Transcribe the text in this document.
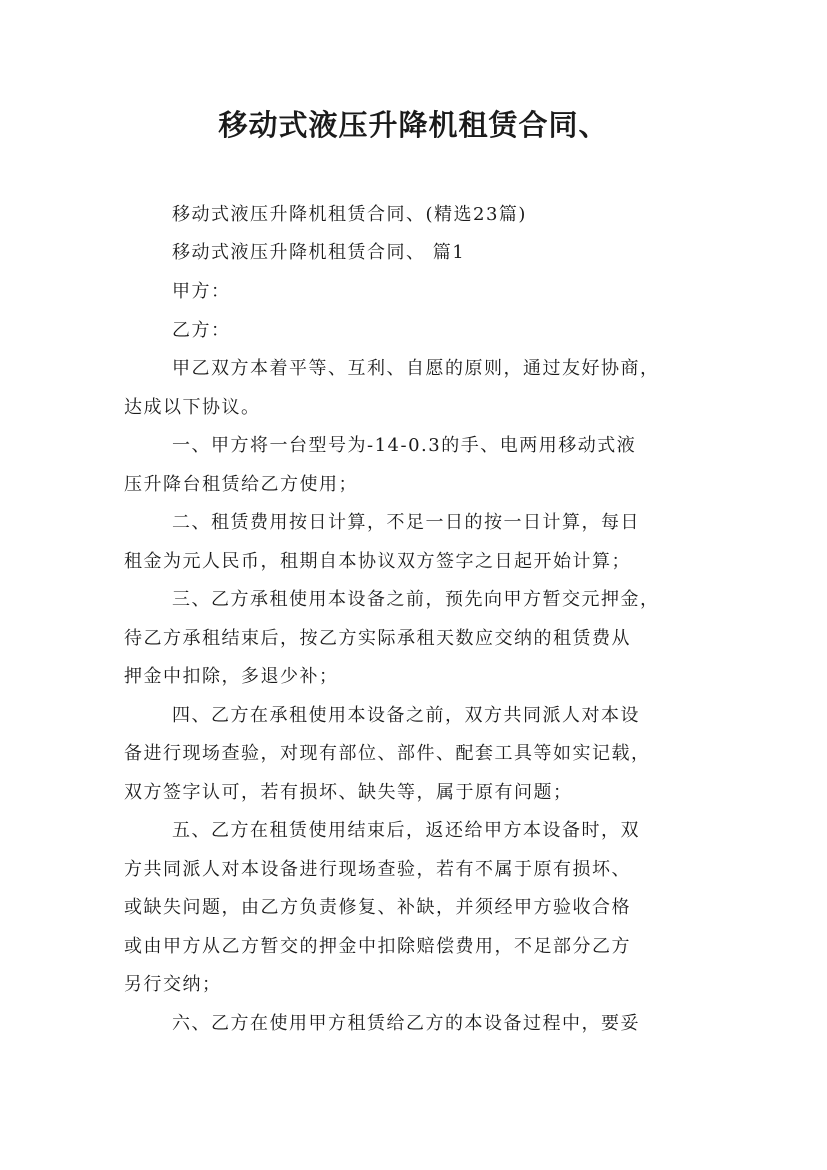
移动式液压升降机租赁合同、
移动式液压升降机租赁合同、(精选23篇)
移动式液压升降机租赁合同、 篇1
甲方：
乙方：
甲乙双方本着平等、互利、自愿的原则，通过友好协商，
达成以下协议。
一、甲方将一台型号为-14-0.3的手、电两用移动式液
压升降台租赁给乙方使用；
二、租赁费用按日计算，不足一日的按一日计算，每日
租金为元人民币，租期自本协议双方签字之日起开始计算；
三、乙方承租使用本设备之前，预先向甲方暂交元押金，
待乙方承租结束后，按乙方实际承租天数应交纳的租赁费从
押金中扣除，多退少补；
四、乙方在承租使用本设备之前，双方共同派人对本设
备进行现场查验，对现有部位、部件、配套工具等如实记载，
双方签字认可，若有损坏、缺失等，属于原有问题；
五、乙方在租赁使用结束后，返还给甲方本设备时，双
方共同派人对本设备进行现场查验，若有不属于原有损坏、
或缺失问题，由乙方负责修复、补缺，并须经甲方验收合格
或由甲方从乙方暂交的押金中扣除赔偿费用，不足部分乙方
另行交纳；
六、乙方在使用甲方租赁给乙方的本设备过程中，要妥
